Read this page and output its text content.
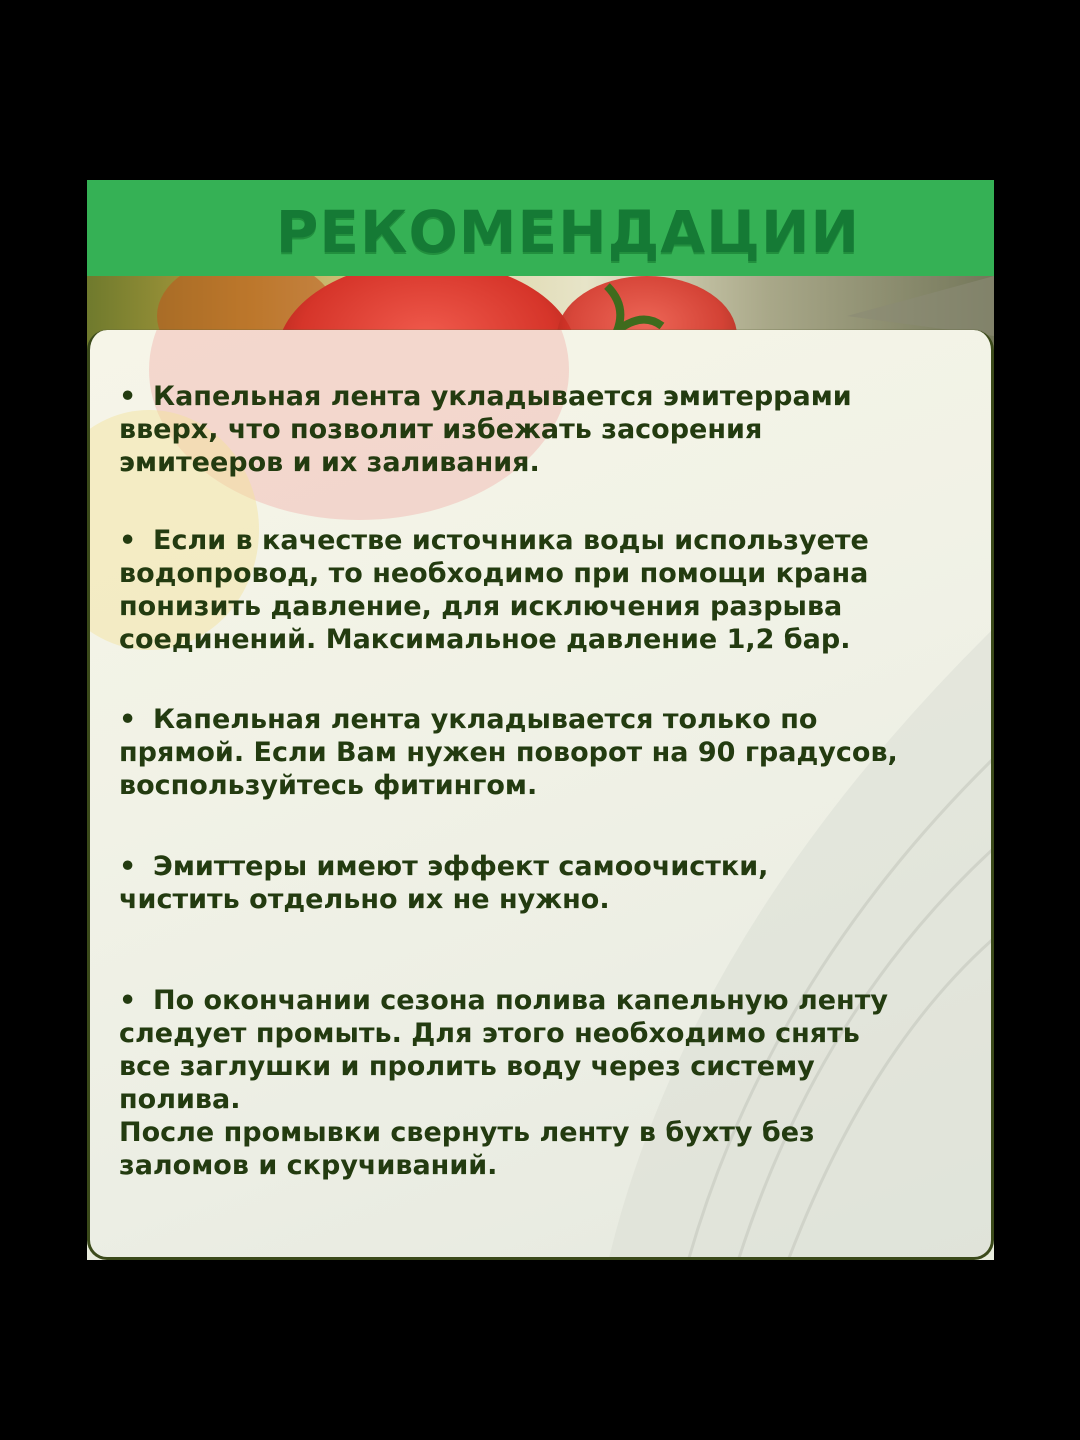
РЕКОМЕНДАЦИИ

• Капельная лента укладывается эмитеррами

вверх, что позволит избежать засорения

эмитееров и их заливания.

• Если в качестве источника воды используете

водопровод, то необходимо при помощи крана

понизить давление, для исключения разрыва

соединений. Максимальное давление 1,2 бар.

• Капельная лента укладывается только по

прямой. Если Вам нужен поворот на 90 градусов,

воспользуйтесь фитингом.

• Эмиттеры имеют эффект самоочистки,

чистить отдельно их не нужно.

• По окончании сезона полива капельную ленту

следует промыть. Для этого необходимо снять

все заглушки и пролить воду через систему

полива.

После промывки свернуть ленту в бухту без

заломов и скручиваний.
